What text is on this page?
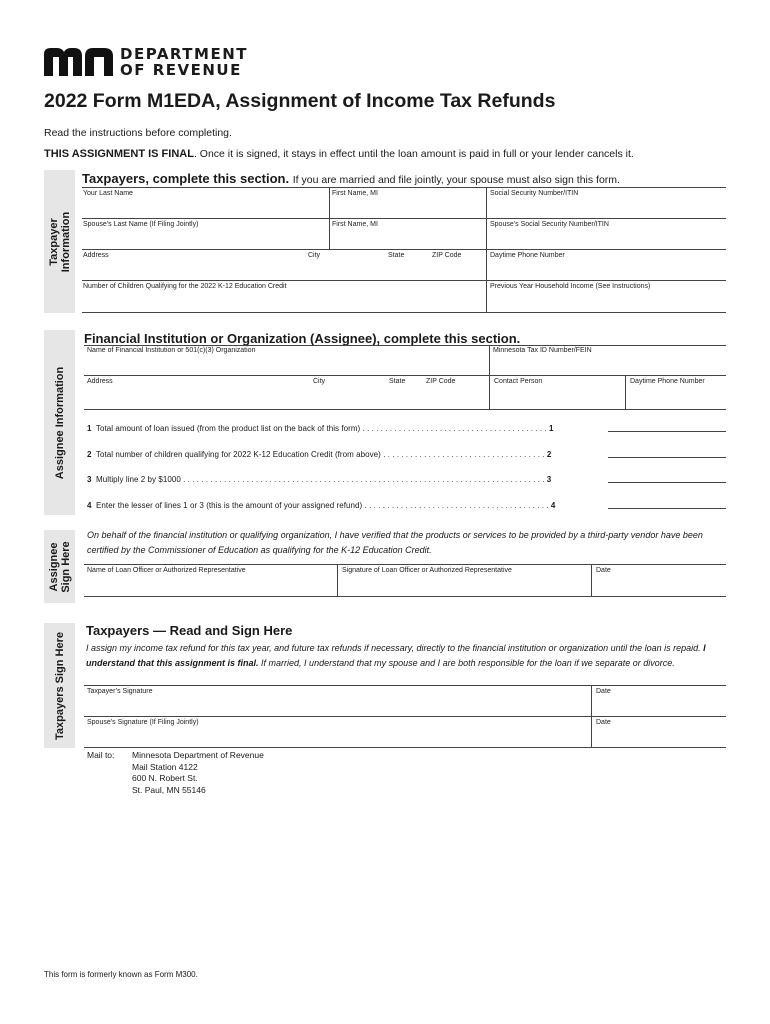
DEPARTMENT
OF REVENUE
2022 Form M1EDA, Assignment of Income Tax Refunds
Read the instructions before completing.
THIS ASSIGNMENT IS FINAL. Once it is signed, it stays in effect until the loan amount is paid in full or your lender cancels it.
Taxpayer Information
Taxpayers, complete this section. If you are married and file jointly, your spouse must also sign this form.
Your Last Name	First Name, MI	Social Security Number/ITIN
Spouse’s Last Name (If Filing Jointly)	First Name, MI	Spouse’s Social Security Number/ITIN
Address	City	State	ZIP Code	Daytime Phone Number
Number of Children Qualifying for the 2022 K-12 Education Credit	Previous Year Household Income (See Instructions)
Assignee Information
Financial Institution or Organization (Assignee), complete this section.
Name of Financial Institution or 501(c)(3) Organization	Minnesota Tax ID Number/FEIN
Address	City	State	ZIP Code	Contact Person	Daytime Phone Number
1 Total amount of loan issued (from the product list on the back of this form) . . . . . . . . . . . . . . . . . . . . . . . . . . . . . . . . . . . . . . . . . 1
2 Total number of children qualifying for 2022 K-12 Education Credit (from above) . . . . . . . . . . . . . . . . . . . . . . . . . . . . . . . . . . . . 2
3 Multiply line 2 by $1000 . . . . . . . . . . . . . . . . . . . . . . . . . . . . . . . . . . . . . . . . . . . . . . . . . . . . . . . . . . . . . . . . . . . . . . . . . . . . . . . . 3
4 Enter the lesser of lines 1 or 3 (this is the amount of your assigned refund) . . . . . . . . . . . . . . . . . . . . . . . . . . . . . . . . . . . . . . . . . 4
Assignee Sign Here
On behalf of the financial institution or qualifying organization, I have verified that the products or services to be provided by a third-party vendor have been certified by the Commissioner of Education as qualifying for the K-12 Education Credit.
Name of Loan Officer or Authorized Representative	Signature of Loan Officer or Authorized Representative	Date
Taxpayers Sign Here
Taxpayers — Read and Sign Here
I assign my income tax refund for this tax year, and future tax refunds if necessary, directly to the financial institution or organization until the loan is repaid. I understand that this assignment is final. If married, I understand that my spouse and I are both responsible for the loan if we separate or divorce.
Taxpayer’s Signature	Date
Spouse’s Signature (If Filing Jointly)	Date
Mail to: Minnesota Department of Revenue
Mail Station 4122
600 N. Robert St.
St. Paul, MN 55146
This form is formerly known as Form M300.
